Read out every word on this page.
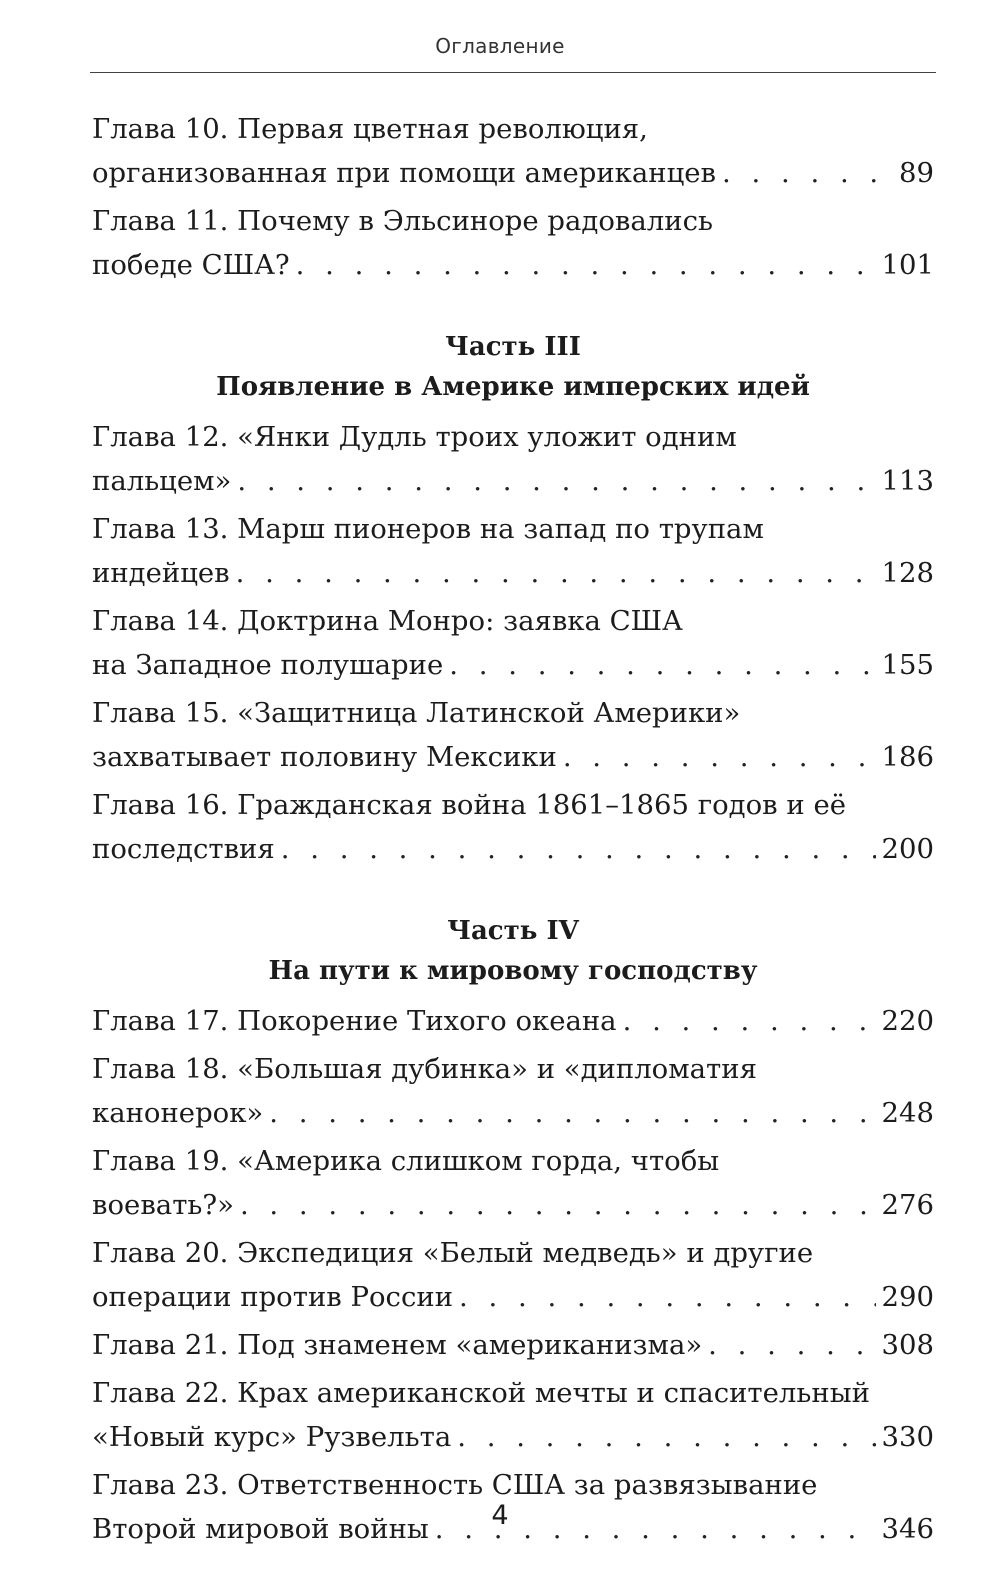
Оглавление
Глава 10. Первая цветная революция,
организованная при помощи американцев . . .	89
Глава 11. Почему в Эльсиноре радовались
победе США? . . .	101
Часть III
Появление в Америке имперских идей
Глава 12. «Янки Дудль троих уложит одним
пальцем» . . .	113
Глава 13. Марш пионеров на запад по трупам
индейцев . . .	128
Глава 14. Доктрина Монро: заявка США
на Западное полушарие . . .	155
Глава 15. «Защитница Латинской Америки»
захватывает половину Мексики . . .	186
Глава 16. Гражданская война 1861–1865 годов и её
последствия . . .	200
Часть IV
На пути к мировому господству
Глава 17. Покорение Тихого океана . . .	220
Глава 18. «Большая дубинка» и «дипломатия
канонерок» . . .	248
Глава 19. «Америка слишком горда, чтобы
воевать?» . . .	276
Глава 20. Экспедиция «Белый медведь» и другие
операции против России . . .	290
Глава 21. Под знаменем «американизма» . . .	308
Глава 22. Крах американской мечты и спасительный
«Новый курс» Рузвельта . . .	330
Глава 23. Ответственность США за развязывание
Второй мировой войны . . .	346
4
